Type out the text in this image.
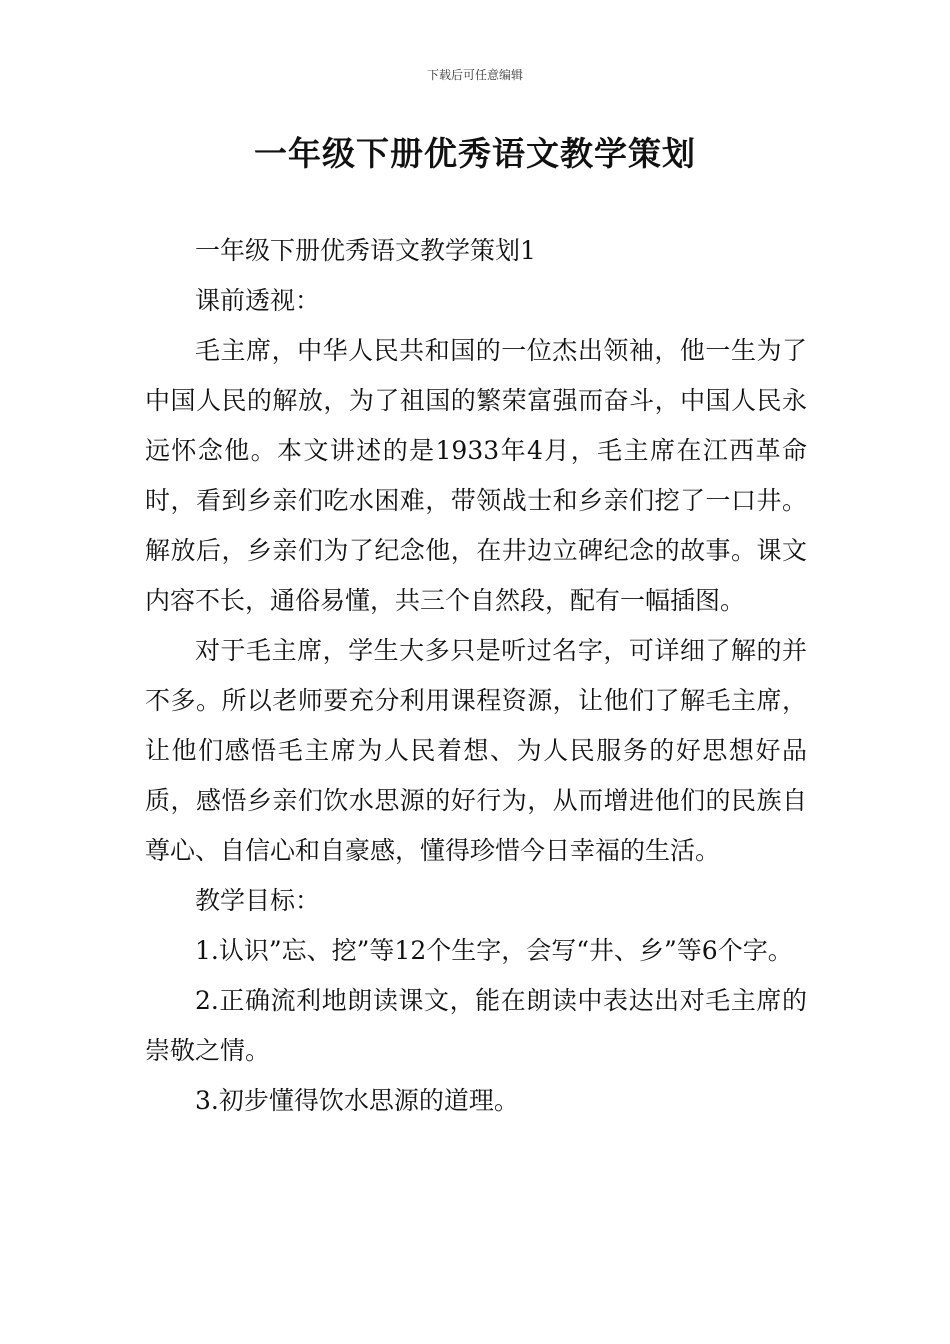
下载后可任意编辑
一年级下册优秀语文教学策划

一年级下册优秀语文教学策划1

课前透视：

毛主席，中华人民共和国的一位杰出领袖，他一生为了中国人民的解放，为了祖国的繁荣富强而奋斗，中国人民永远怀念他。本文讲述的是1933年4月，毛主席在江西革命时，看到乡亲们吃水困难，带领战士和乡亲们挖了一口井。解放后，乡亲们为了纪念他，在井边立碑纪念的故事。课文内容不长，通俗易懂，共三个自然段，配有一幅插图。

对于毛主席，学生大多只是听过名字，可详细了解的并不多。所以老师要充分利用课程资源，让他们了解毛主席，让他们感悟毛主席为人民着想、为人民服务的好思想好品质，感悟乡亲们饮水思源的好行为，从而增进他们的民族自尊心、自信心和自豪感，懂得珍惜今日幸福的生活。

教学目标：

1.认识”忘、挖”等12个生字，会写“井、乡”等6个字。

2.正确流利地朗读课文，能在朗读中表达出对毛主席的崇敬之情。

3.初步懂得饮水思源的道理。
